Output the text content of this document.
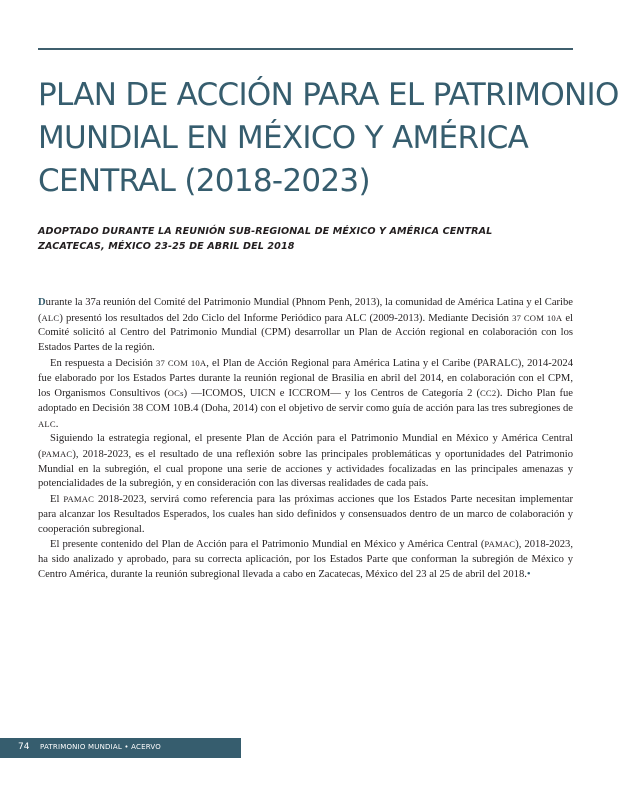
PLAN DE ACCIÓN PARA EL PATRIMONIO
MUNDIAL EN MÉXICO Y AMÉRICA
CENTRAL (2018-2023)
ADOPTADO DURANTE LA REUNIÓN SUB-REGIONAL DE MÉXICO Y AMÉRICA CENTRAL
ZACATECAS, MÉXICO 23-25 DE ABRIL DEL 2018

Durante la 37a reunión del Comité del Patrimonio Mundial (Phnom Penh, 2013), la comunidad de América Latina y el Caribe (ALC) presentó los resultados del 2do Ciclo del Informe Periódico para ALC (2009-2013). Mediante Decisión 37 COM 10A el Comité solicitó al Centro del Patrimonio Mundial (CPM) desarrollar un Plan de Acción regional en colaboración con los Estados Partes de la región.

En respuesta a Decisión 37 COM 10A, el Plan de Acción Regional para América Latina y el Caribe (PARALC), 2014-2024 fue elaborado por los Estados Partes durante la reunión regional de Brasilia en abril del 2014, en colaboración con el CPM, los Organismos Consultivos (OCs) —ICOMOS, UICN e ICCROM— y los Centros de Categoría 2 (CC2). Dicho Plan fue adoptado en Decisión 38 COM 10B.4 (Doha, 2014) con el objetivo de servir como guía de acción para las tres subregiones de ALC.

Siguiendo la estrategia regional, el presente Plan de Acción para el Patrimonio Mundial en México y América Central (PAMAC), 2018-2023, es el resultado de una reflexión sobre las principales problemáticas y oportunidades del Patrimonio Mundial en la subregión, el cual propone una serie de acciones y actividades focalizadas en las principales amenazas y potencialidades de la subregión, y en consideración con las diversas realidades de cada país.

El PAMAC 2018-2023, servirá como referencia para las próximas acciones que los Estados Parte necesitan implementar para alcanzar los Resultados Esperados, los cuales han sido definidos y consensuados dentro de un marco de colaboración y cooperación subregional.

El presente contenido del Plan de Acción para el Patrimonio Mundial en México y América Central (PAMAC), 2018-2023, ha sido analizado y aprobado, para su correcta aplicación, por los Estados Parte que conforman la subregión de México y Centro América, durante la reunión subregional llevada a cabo en Zacatecas, México del 23 al 25 de abril del 2018.•

74 PATRIMONIO MUNDIAL • ACERVO
